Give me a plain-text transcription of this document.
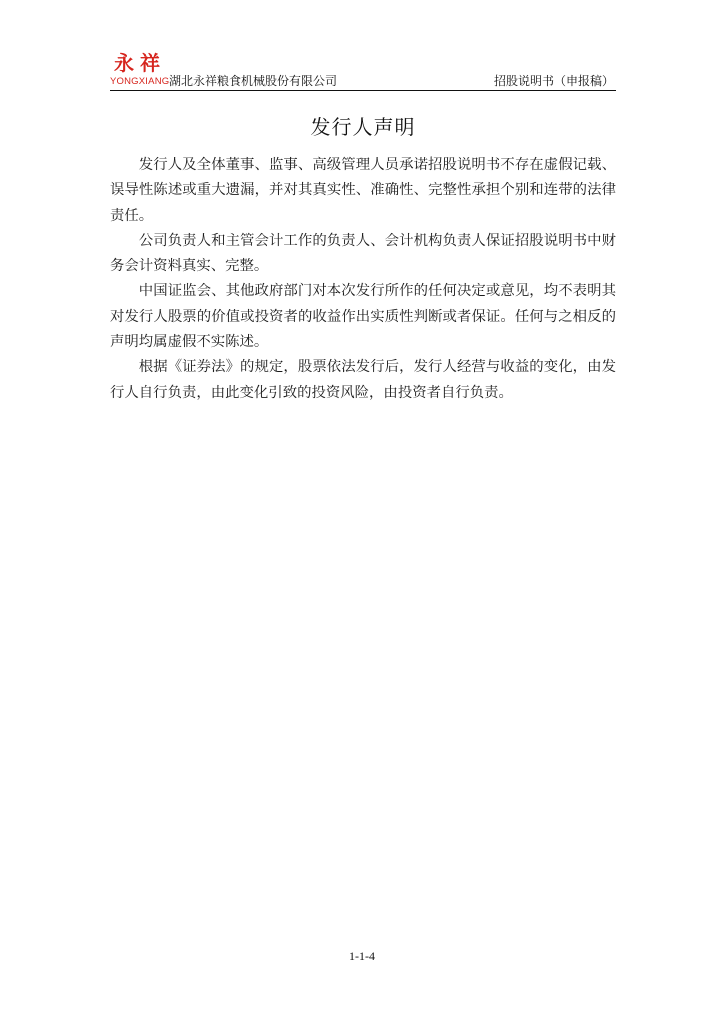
永祥
YONGXIANG 湖北永祥粮食机械股份有限公司	招股说明书（申报稿）
发行人声明

发行人及全体董事、监事、高级管理人员承诺招股说明书不存在虚假记载、误导性陈述或重大遗漏，并对其真实性、准确性、完整性承担个别和连带的法律责任。

公司负责人和主管会计工作的负责人、会计机构负责人保证招股说明书中财务会计资料真实、完整。

中国证监会、其他政府部门对本次发行所作的任何决定或意见，均不表明其对发行人股票的价值或投资者的收益作出实质性判断或者保证。任何与之相反的声明均属虚假不实陈述。

根据《证券法》的规定，股票依法发行后，发行人经营与收益的变化，由发行人自行负责，由此变化引致的投资风险，由投资者自行负责。

1-1-4
